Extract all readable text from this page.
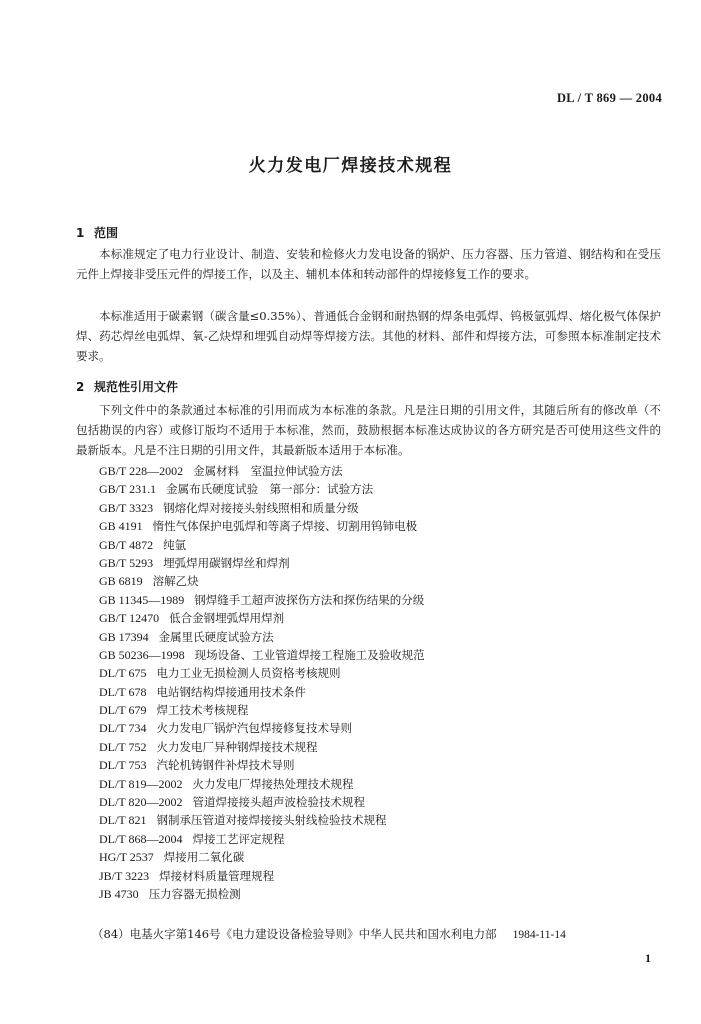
DL / T 869 — 2004
火力发电厂焊接技术规程
1 范围
本标准规定了电力行业设计、制造、安装和检修火力发电设备的锅炉、压力容器、压力管道、钢结构和在受压元件上焊接非受压元件的焊接工作，以及主、辅机本体和转动部件的焊接修复工作的要求。
本标准适用于碳素钢（碳含量≤0.35%）、普通低合金钢和耐热钢的焊条电弧焊、钨极氩弧焊、熔化极气体保护焊、药芯焊丝电弧焊、氧-乙炔焊和埋弧自动焊等焊接方法。其他的材料、部件和焊接方法，可参照本标准制定技术要求。
2 规范性引用文件
下列文件中的条款通过本标准的引用而成为本标准的条款。凡是注日期的引用文件，其随后所有的修改单（不包括勘误的内容）或修订版均不适用于本标准，然而，鼓励根据本标准达成协议的各方研究是否可使用这些文件的最新版本。凡是不注日期的引用文件，其最新版本适用于本标准。
GB/T 228—2002 金属材料　室温拉伸试验方法
GB/T 231.1 金属布氏硬度试验　第一部分：试验方法
GB/T 3323 钢熔化焊对接接头射线照相和质量分级
GB 4191 惰性气体保护电弧焊和等离子焊接、切割用钨铈电极
GB/T 4872 纯氩
GB/T 5293 埋弧焊用碳钢焊丝和焊剂
GB 6819 溶解乙炔
GB 11345—1989 钢焊缝手工超声波探伤方法和探伤结果的分级
GB/T 12470 低合金钢埋弧焊用焊剂
GB 17394 金属里氏硬度试验方法
GB 50236—1998 现场设备、工业管道焊接工程施工及验收规范
DL/T 675 电力工业无损检测人员资格考核规则
DL/T 678 电站钢结构焊接通用技术条件
DL/T 679 焊工技术考核规程
DL/T 734 火力发电厂锅炉汽包焊接修复技术导则
DL/T 752 火力发电厂异种钢焊接技术规程
DL/T 753 汽轮机铸钢件补焊技术导则
DL/T 819—2002 火力发电厂焊接热处理技术规程
DL/T 820—2002 管道焊接接头超声波检验技术规程
DL/T 821 钢制承压管道对接焊接接头射线检验技术规程
DL/T 868—2004 焊接工艺评定规程
HG/T 2537 焊接用二氧化碳
JB/T 3223 焊接材料质量管理规程
JB 4730 压力容器无损检测
（84）电基火字第146号《电力建设设备检验导则》中华人民共和国水利电力部 1984-11-14
1
